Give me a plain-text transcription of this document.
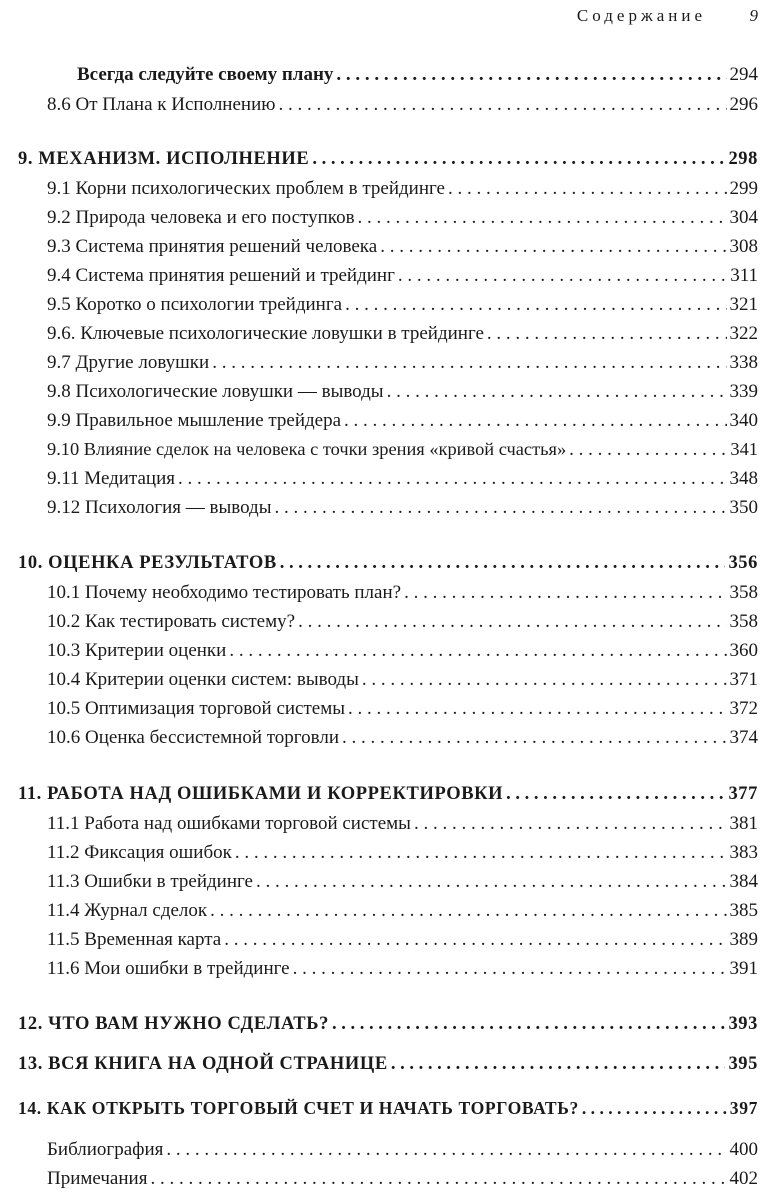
Содержание	9
Всегда следуйте своему плану . . .	294
8.6 От Плана к Исполнению . . .	296
9. МЕХАНИЗМ. ИСПОЛНЕНИЕ . . .	298
9.1 Корни психологических проблем в трейдинге . . .	299
9.2 Природа человека и его поступков . . .	304
9.3 Система принятия решений человека . . .	308
9.4 Система принятия решений и трейдинг . . .	311
9.5 Коротко о психологии трейдинга . . .	321
9.6. Ключевые психологические ловушки в трейдинге . . .	322
9.7 Другие ловушки . . .	338
9.8 Психологические ловушки — выводы . . .	339
9.9 Правильное мышление трейдера . . .	340
9.10 Влияние сделок на человека с точки зрения «кривой счастья» . . .	341
9.11 Медитация . . .	348
9.12 Психология — выводы . . .	350
10. ОЦЕНКА РЕЗУЛЬТАТОВ . . .	356
10.1 Почему необходимо тестировать план? . . .	358
10.2 Как тестировать систему? . . .	358
10.3 Критерии оценки . . .	360
10.4 Критерии оценки систем: выводы . . .	371
10.5 Оптимизация торговой системы . . .	372
10.6 Оценка бессистемной торговли . . .	374
11. РАБОТА НАД ОШИБКАМИ И КОРРЕКТИРОВКИ . . .	377
11.1 Работа над ошибками торговой системы . . .	381
11.2 Фиксация ошибок . . .	383
11.3 Ошибки в трейдинге . . .	384
11.4 Журнал сделок . . .	385
11.5 Временная карта . . .	389
11.6 Мои ошибки в трейдинге . . .	391
12. ЧТО ВАМ НУЖНО СДЕЛАТЬ? . . .	393
13. ВСЯ КНИГА НА ОДНОЙ СТРАНИЦЕ . . .	395
14. КАК ОТКРЫТЬ ТОРГОВЫЙ СЧЕТ И НАЧАТЬ ТОРГОВАТЬ? . . .	397
Библиография . . .	400
Примечания . . .	402
